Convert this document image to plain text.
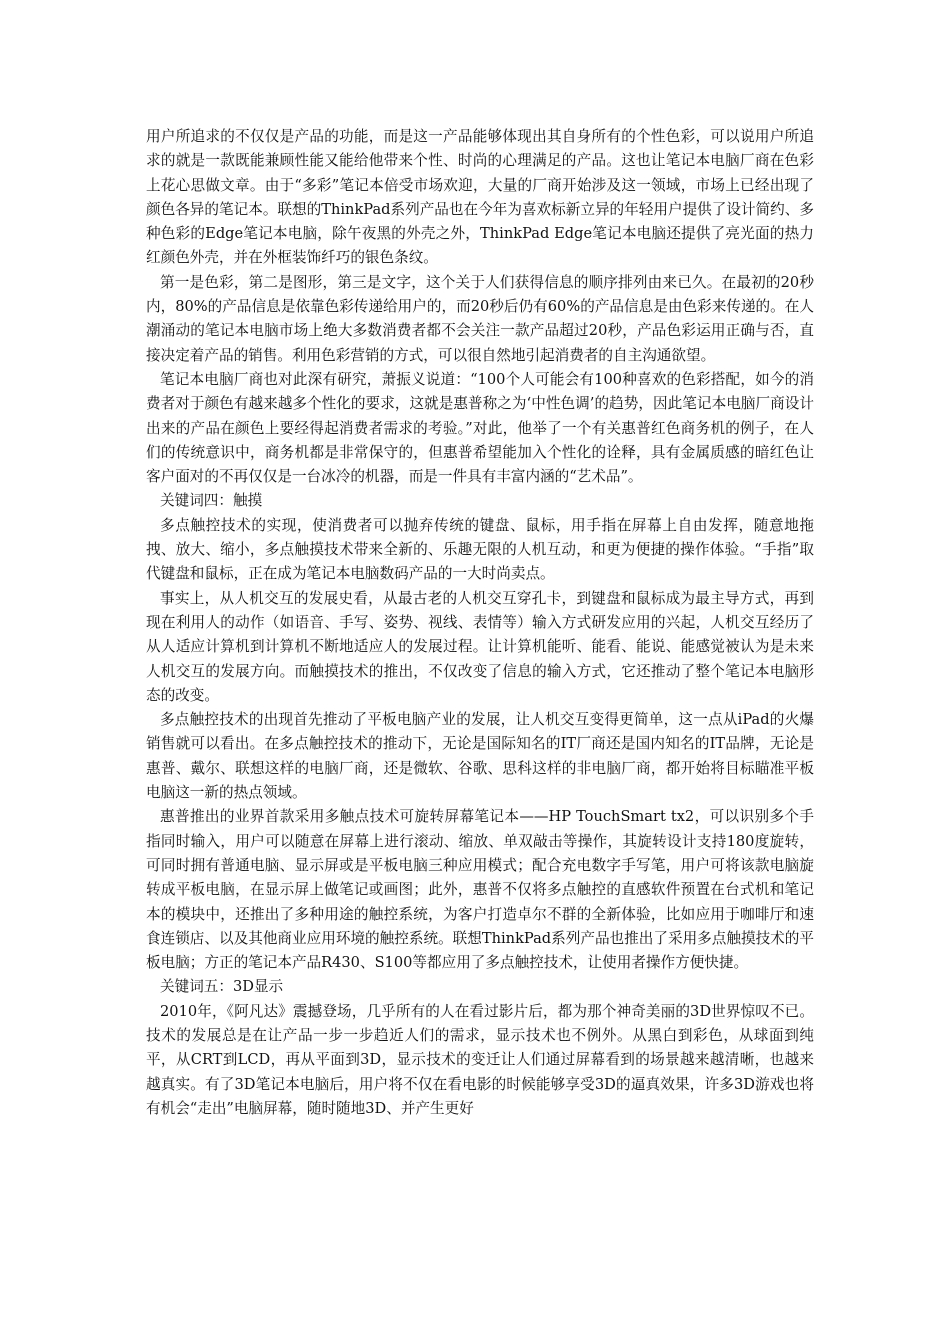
用户所追求的不仅仅是产品的功能，而是这一产品能够体现出其自身所有的个性色彩，可以说用户所追求的就是一款既能兼顾性能又能给他带来个性、时尚的心理满足的产品。这也让笔记本电脑厂商在色彩上花心思做文章。由于“多彩”笔记本倍受市场欢迎，大量的厂商开始涉及这一领域，市场上已经出现了颜色各异的笔记本。联想的ThinkPad系列产品也在今年为喜欢标新立异的年轻用户提供了设计简约、多种色彩的Edge笔记本电脑，除午夜黑的外壳之外，ThinkPad Edge笔记本电脑还提供了亮光面的热力红颜色外壳，并在外框装饰纤巧的银色条纹。

第一是色彩，第二是图形，第三是文字，这个关于人们获得信息的顺序排列由来已久。在最初的20秒内，80%的产品信息是依靠色彩传递给用户的，而20秒后仍有60%的产品信息是由色彩来传递的。在人潮涌动的笔记本电脑市场上绝大多数消费者都不会关注一款产品超过20秒，产品色彩运用正确与否，直接决定着产品的销售。利用色彩营销的方式，可以很自然地引起消费者的自主沟通欲望。

笔记本电脑厂商也对此深有研究，萧振义说道：“100个人可能会有100种喜欢的色彩搭配，如今的消费者对于颜色有越来越多个性化的要求，这就是惠普称之为‘中性色调’的趋势，因此笔记本电脑厂商设计出来的产品在颜色上要经得起消费者需求的考验。”对此，他举了一个有关惠普红色商务机的例子，在人们的传统意识中，商务机都是非常保守的，但惠普希望能加入个性化的诠释，具有金属质感的暗红色让客户面对的不再仅仅是一台冰冷的机器，而是一件具有丰富内涵的“艺术品”。

关键词四：触摸

多点触控技术的实现，使消费者可以抛弃传统的键盘、鼠标，用手指在屏幕上自由发挥，随意地拖拽、放大、缩小，多点触摸技术带来全新的、乐趣无限的人机互动，和更为便捷的操作体验。“手指”取代键盘和鼠标，正在成为笔记本电脑数码产品的一大时尚卖点。

事实上，从人机交互的发展史看，从最古老的人机交互穿孔卡，到键盘和鼠标成为最主导方式，再到现在利用人的动作（如语音、手写、姿势、视线、表情等）输入方式研发应用的兴起，人机交互经历了从人适应计算机到计算机不断地适应人的发展过程。让计算机能听、能看、能说、能感觉被认为是未来人机交互的发展方向。而触摸技术的推出，不仅改变了信息的输入方式，它还推动了整个笔记本电脑形态的改变。

多点触控技术的出现首先推动了平板电脑产业的发展，让人机交互变得更简单，这一点从iPad的火爆销售就可以看出。在多点触控技术的推动下，无论是国际知名的IT厂商还是国内知名的IT品牌，无论是惠普、戴尔、联想这样的电脑厂商，还是微软、谷歌、思科这样的非电脑厂商，都开始将目标瞄准平板电脑这一新的热点领域。

惠普推出的业界首款采用多触点技术可旋转屏幕笔记本——HP TouchSmart tx2，可以识别多个手指同时输入，用户可以随意在屏幕上进行滚动、缩放、单双敲击等操作，其旋转设计支持180度旋转，可同时拥有普通电脑、显示屏或是平板电脑三种应用模式；配合充电数字手写笔，用户可将该款电脑旋转成平板电脑，在显示屏上做笔记或画图；此外，惠普不仅将多点触控的直感软件预置在台式机和笔记本的模块中，还推出了多种用途的触控系统，为客户打造卓尔不群的全新体验，比如应用于咖啡厅和速食连锁店、以及其他商业应用环境的触控系统。联想ThinkPad系列产品也推出了采用多点触摸技术的平板电脑；方正的笔记本产品R430、S100等都应用了多点触控技术，让使用者操作方便快捷。

关键词五：3D显示

2010年，《阿凡达》震撼登场，几乎所有的人在看过影片后，都为那个神奇美丽的3D世界惊叹不已。技术的发展总是在让产品一步一步趋近人们的需求，显示技术也不例外。从黑白到彩色，从球面到纯平，从CRT到LCD，再从平面到3D，显示技术的变迁让人们通过屏幕看到的场景越来越清晰，也越来越真实。有了3D笔记本电脑后，用户将不仅在看电影的时候能够享受3D的逼真效果，许多3D游戏也将有机会“走出”电脑屏幕，随时随地3D、并产生更好
